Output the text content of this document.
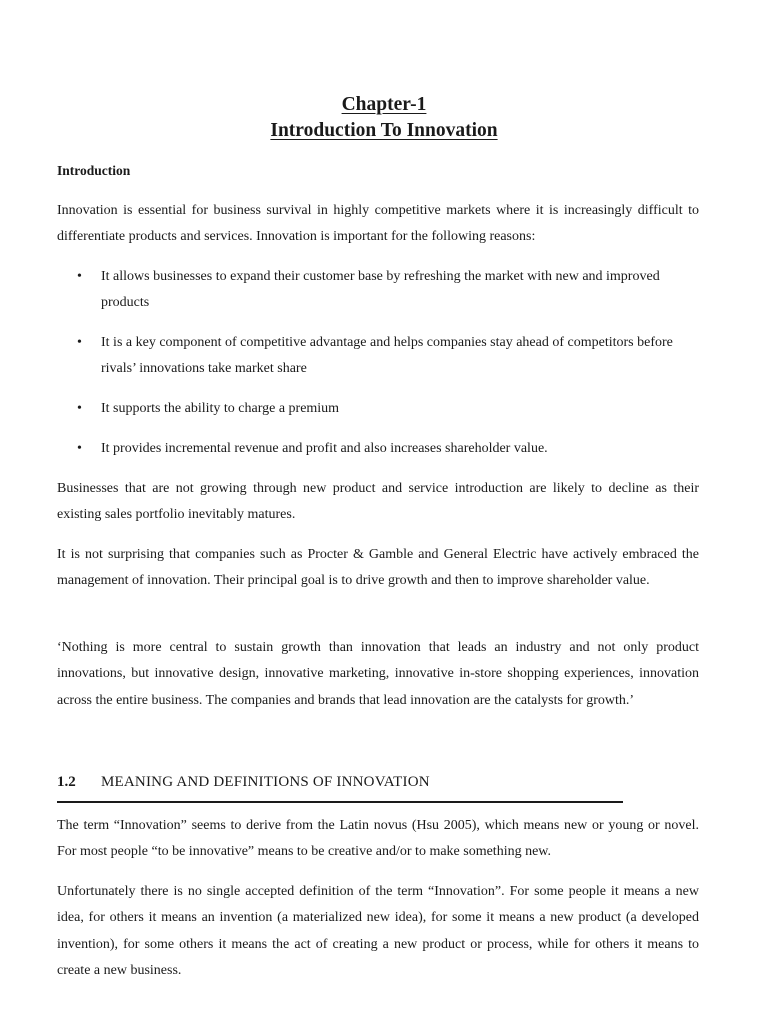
Chapter-1
Introduction To Innovation
Introduction

Innovation is essential for business survival in highly competitive markets where it is increasingly difficult to differentiate products and services. Innovation is important for the following reasons:

•	It allows businesses to expand their customer base by refreshing the market with new and improved products
•	It is a key component of competitive advantage and helps companies stay ahead of competitors before rivals’ innovations take market share
•	It supports the ability to charge a premium
•	It provides incremental revenue and profit and also increases shareholder value.

Businesses that are not growing through new product and service introduction are likely to decline as their existing sales portfolio inevitably matures.

It is not surprising that companies such as Procter & Gamble and General Electric have actively embraced the management of innovation. Their principal goal is to drive growth and then to improve shareholder value.

‘Nothing is more central to sustain growth than innovation that leads an industry and not only product innovations, but innovative design, innovative marketing, innovative in-store shopping experiences, innovation across the entire business. The companies and brands that lead innovation are the catalysts for growth.’

1.2 MEANING AND DEFINITIONS OF INNOVATION

The term “Innovation” seems to derive from the Latin novus (Hsu 2005), which means new or young or novel. For most people “to be innovative” means to be creative and/or to make something new.

Unfortunately there is no single accepted definition of the term “Innovation”. For some people it means a new idea, for others it means an invention (a materialized new idea), for some it means a new product (a developed invention), for some others it means the act of creating a new product or process, while for others it means to create a new business.
